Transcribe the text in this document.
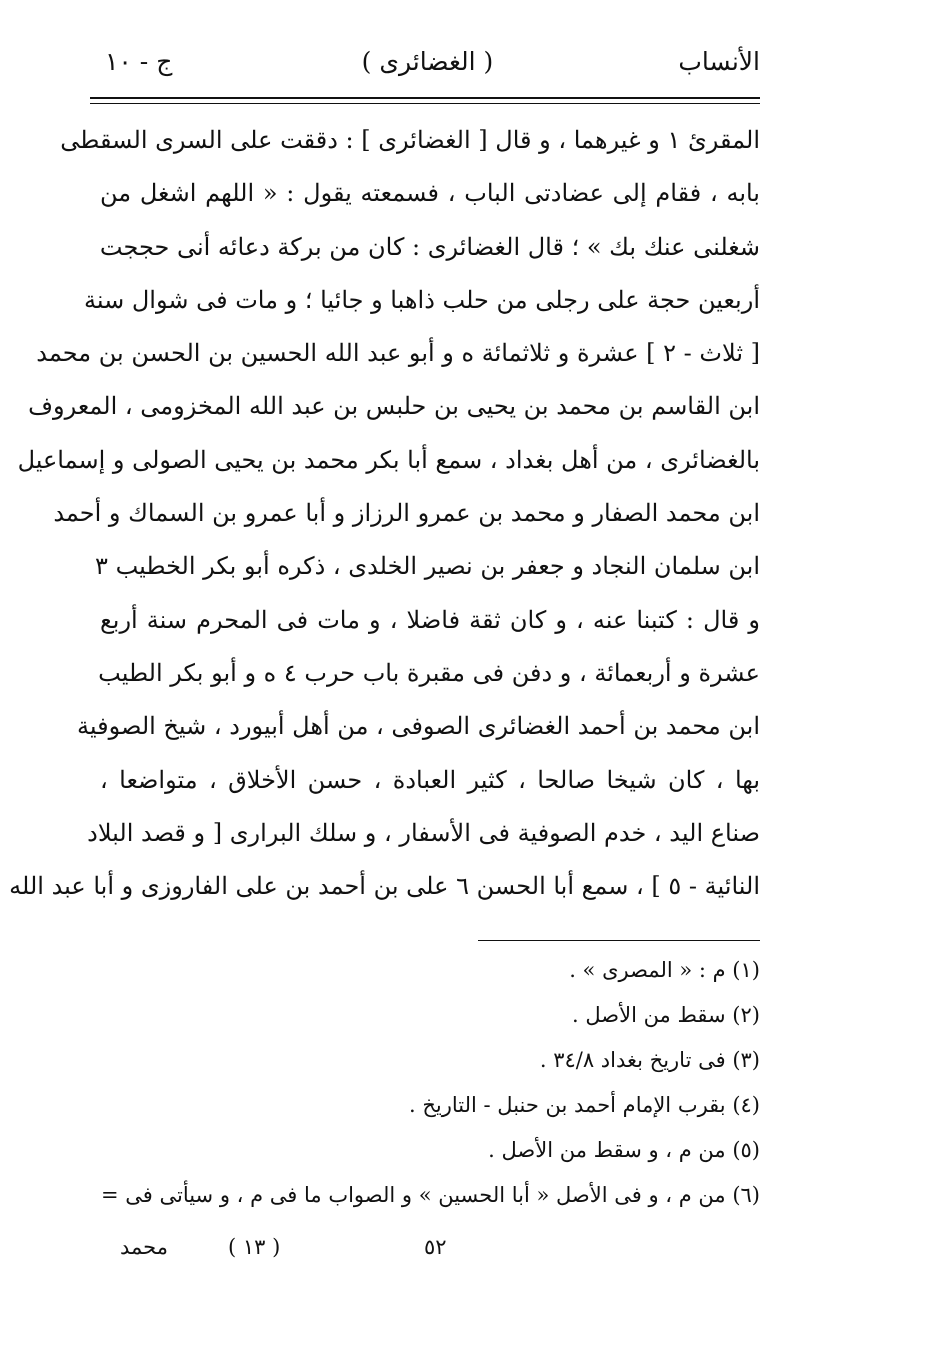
الأنساب
( الغضائری )
ج - ١٠
المقرئ ١ و غيرهما ، و قال [ الغضائرى ] : دققت على السرى السقطى
بابه ، فقام إلى عضادتى الباب ، فسمعته يقول : « اللهم اشغل من
شغلنى عنك بك » ؛ قال الغضائرى : كان من بركة دعائه أنى حججت
أربعين حجة على رجلى من حلب ذاهبا و جائيا ؛ و مات فى شوال سنة
[ ثلاث - ٢ ] عشرة و ثلاثمائة ه و أبو عبد الله الحسين بن الحسن بن محمد
ابن القاسم بن محمد بن يحيى بن حلبس بن عبد الله المخزومى ، المعروف
بالغضائرى ، من أهل بغداد ، سمع أبا بكر محمد بن يحيى الصولى و إسماعيل
ابن محمد الصفار و محمد بن عمرو الرزاز و أبا عمرو بن السماك و أحمد
ابن سلمان النجاد و جعفر بن نصير الخلدى ، ذكره أبو بكر الخطيب ٣
و قال : كتبنا عنه ، و كان ثقة فاضلا ، و مات فى المحرم سنة أربع
عشرة و أربعمائة ، و دفن فى مقبرة باب حرب ٤ ه و أبو بكر الطيب
ابن محمد بن أحمد الغضائرى الصوفى ، من أهل أبيورد ، شيخ الصوفية
بها ، كان شيخا صالحا ، كثير العبادة ، حسن الأخلاق ، متواضعا ،
صناع اليد ، خدم الصوفية فى الأسفار ، و سلك البرارى [ و قصد البلاد
النائية - ٥ ] ، سمع أبا الحسن ٦ على بن أحمد بن على الفاروزى و أبا عبد الله
(١) م : « المصرى » .
(٢) سقط من الأصل .
(٣) فى تاريخ بغداد ٣٤/٨ .
(٤) بقرب الإمام أحمد بن حنبل - التاريخ .
(٥) من م ، و سقط من الأصل .
(٦) من م ، و فى الأصل « أبا الحسين » و الصواب ما فى م ، و سيأتى فى =
٥٢
( ١٣ )
محمد
